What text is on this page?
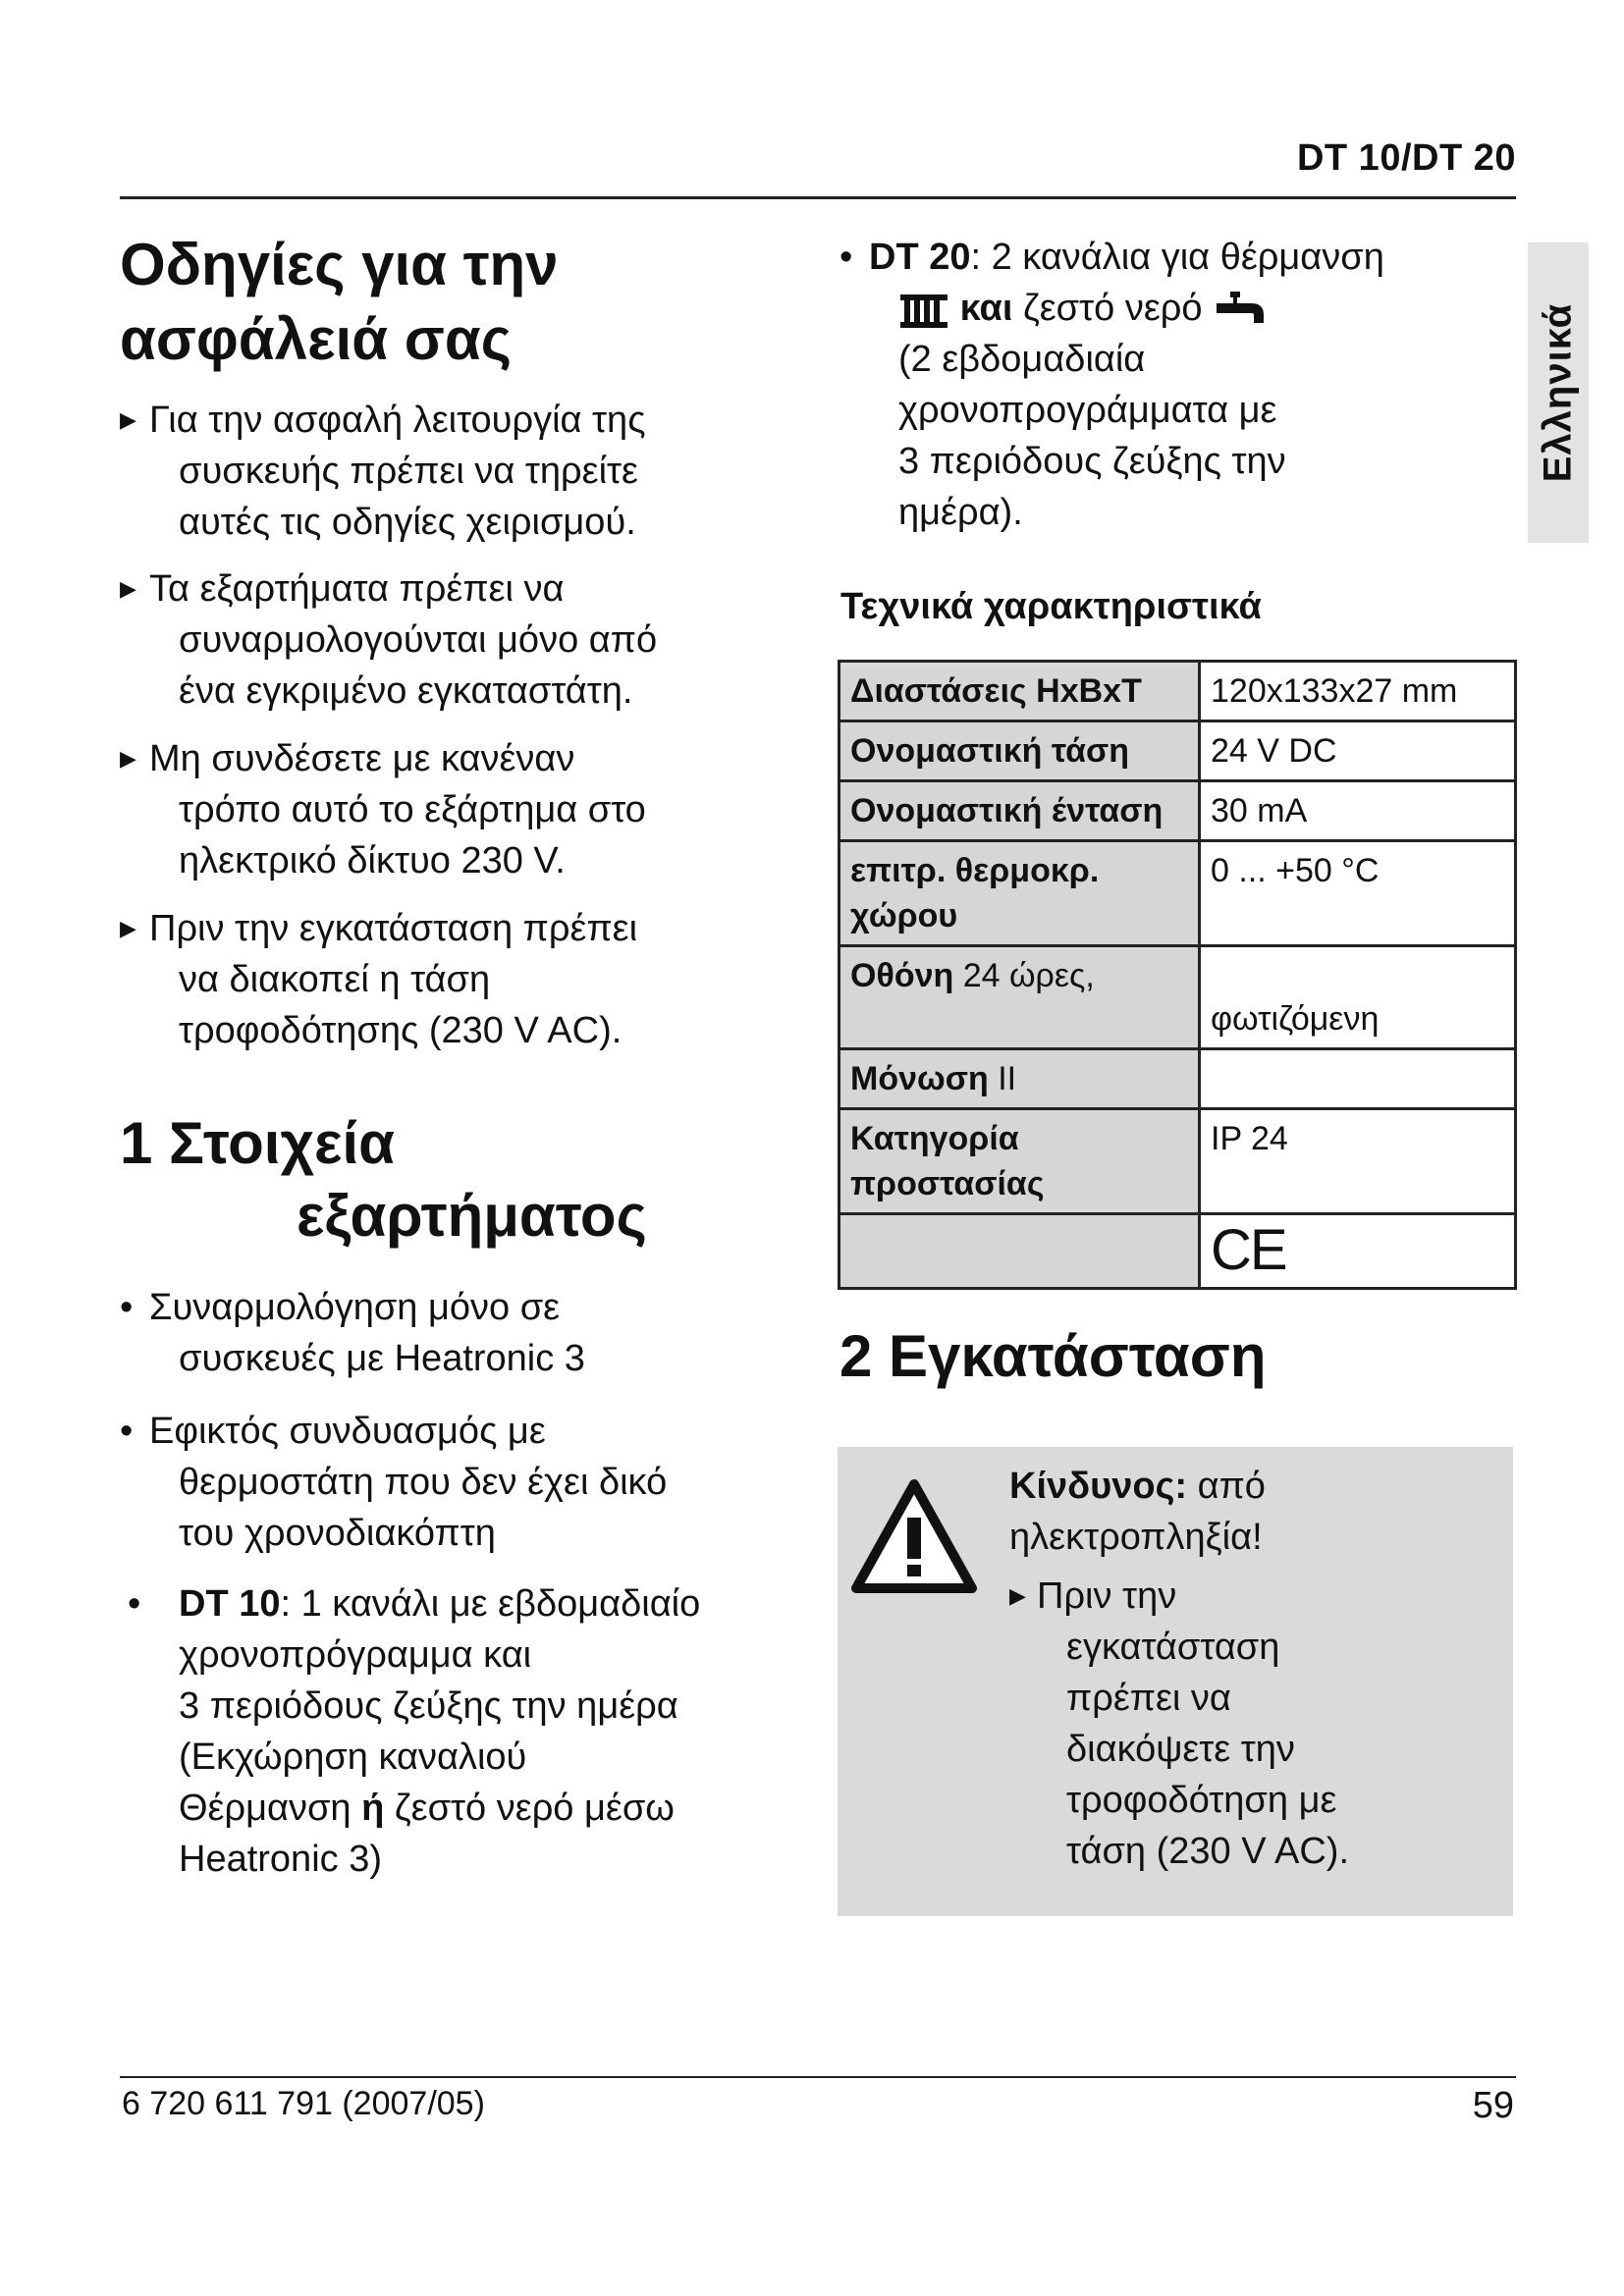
DT 10/DT 20
Ελληνικά
Οδηγίες για την
ασφάλειά σας
▶ Για την ασφαλή λειτουργία της
συσκευής πρέπει να τηρείτε
αυτές τις οδηγίες χειρισμού.
▶ Τα εξαρτήματα πρέπει να
συναρμολογούνται μόνο από
ένα εγκριμένο εγκαταστάτη.
▶ Μη συνδέσετε με κανέναν
τρόπο αυτό το εξάρτημα στο
ηλεκτρικό δίκτυο 230 V.
▶ Πριν την εγκατάσταση πρέπει
να διακοπεί η τάση
τροφοδότησης (230 V AC).
1 Στοιχεία
εξαρτήματος
• Συναρμολόγηση μόνο σε
συσκευές με Heatronic 3
• Εφικτός συνδυασμός με
θερμοστάτη που δεν έχει δικό
του χρονοδιακόπτη
•	DT 10: 1 κανάλι με εβδομαδιαίο
χρονοπρόγραμμα και
3 περιόδους ζεύξης την ημέρα
(Εκχώρηση καναλιού
Θέρμανση ή ζεστό νερό μέσω
Heatronic 3)
• DT 20: 2 κανάλια για θέρμανση
και ζεστό νερό
(2 εβδομαδιαία
χρονοπρογράμματα με
3 περιόδους ζεύξης την
ημέρα).
Τεχνικά χαρακτηριστικά
Διαστάσεις HxBxT	120x133x27 mm
Ονομαστική τάση	24 V DC
Ονομαστική ένταση	30 mA
επιτρ. θερμοκρ.
χώρου	0 ... +50 °C
Οθόνη 24 ώρες,	φωτιζόμενη
Μόνωση II	
Κατηγορία
προστασίας	IP 24
	CE
2 Εγκατάσταση
Κίνδυνος: από
ηλεκτροπληξία!
▶ Πριν την
εγκατάσταση
πρέπει να
διακόψετε την
τροφοδότηση με
τάση (230 V AC).
6 720 611 791 (2007/05)	59
